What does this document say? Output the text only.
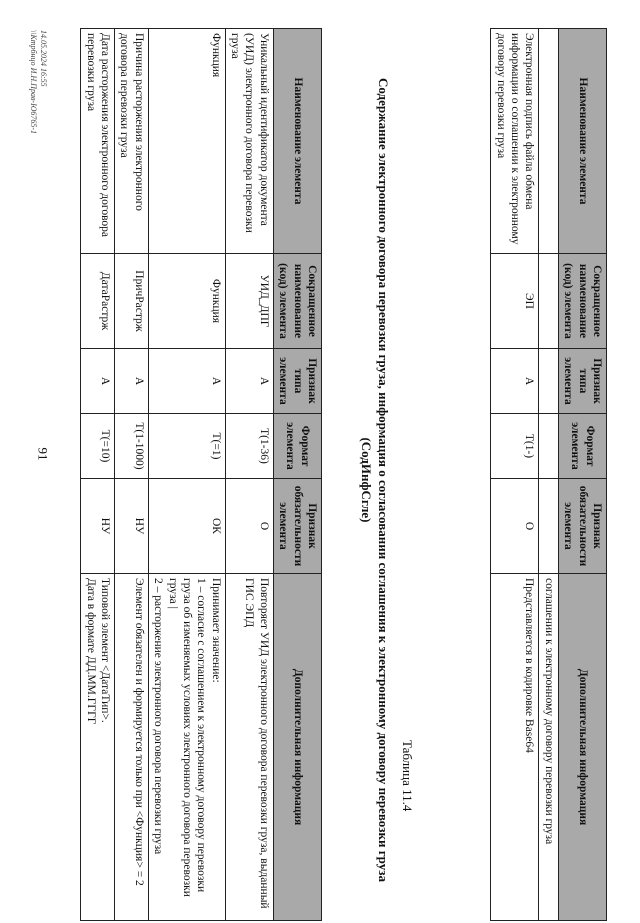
91
Наименование элемента	Сокращенное наименование (код) элемента	Признак типа элемента	Формат элемента	Признак обязательности элемента	Дополнительная информация
					соглашении к электронному договору перевозки груза
Электронная подпись файла обмена информации о соглашении к электронному договору перевозки груза	ЭП	А	T(1-)	О	Представляется в кодировке Base64
Таблица 11.4
Содержание электронного договора перевозки груза, информация о согласовании соглашения к электронному договору перевозки груза (СодИнфСгле)
Наименование элемента	Сокращенное наименование (код) элемента	Признак типа элемента	Формат элемента	Признак обязательности элемента	Дополнительная информация
Уникальный идентификатор документа (УИД) электронного договора перевозки груза	УИД_ДПГ	А	T(1-36)	О	Повторяет УИД электронного договора перевозки груза, выданный ГИС ЭПД
Функция	Функция	А	T(=1)	ОК	Принимает значение:
1 – согласие с соглашением к электронному договору перевозки груза об изменяемых условиях электронного договора перевозки груза |
2 – расторжение электронного договора перевозки груза
Причина расторжения электронного договора перевозки груза	ПричРастрж	А	T(1-1000)	НУ	Элемент обязателен и формируется только при <Функция> = 2
Дата расторжения электронного договора перевозки груза	ДатаРастрж	А	T(=10)	НУ	Типовой элемент <ДатаТип>.
Дата в формате ДД.ММ.ГГГГ
14.05.2024 16:55
\\Ктрбнцо И.Н.Прав-Ю6765-1
